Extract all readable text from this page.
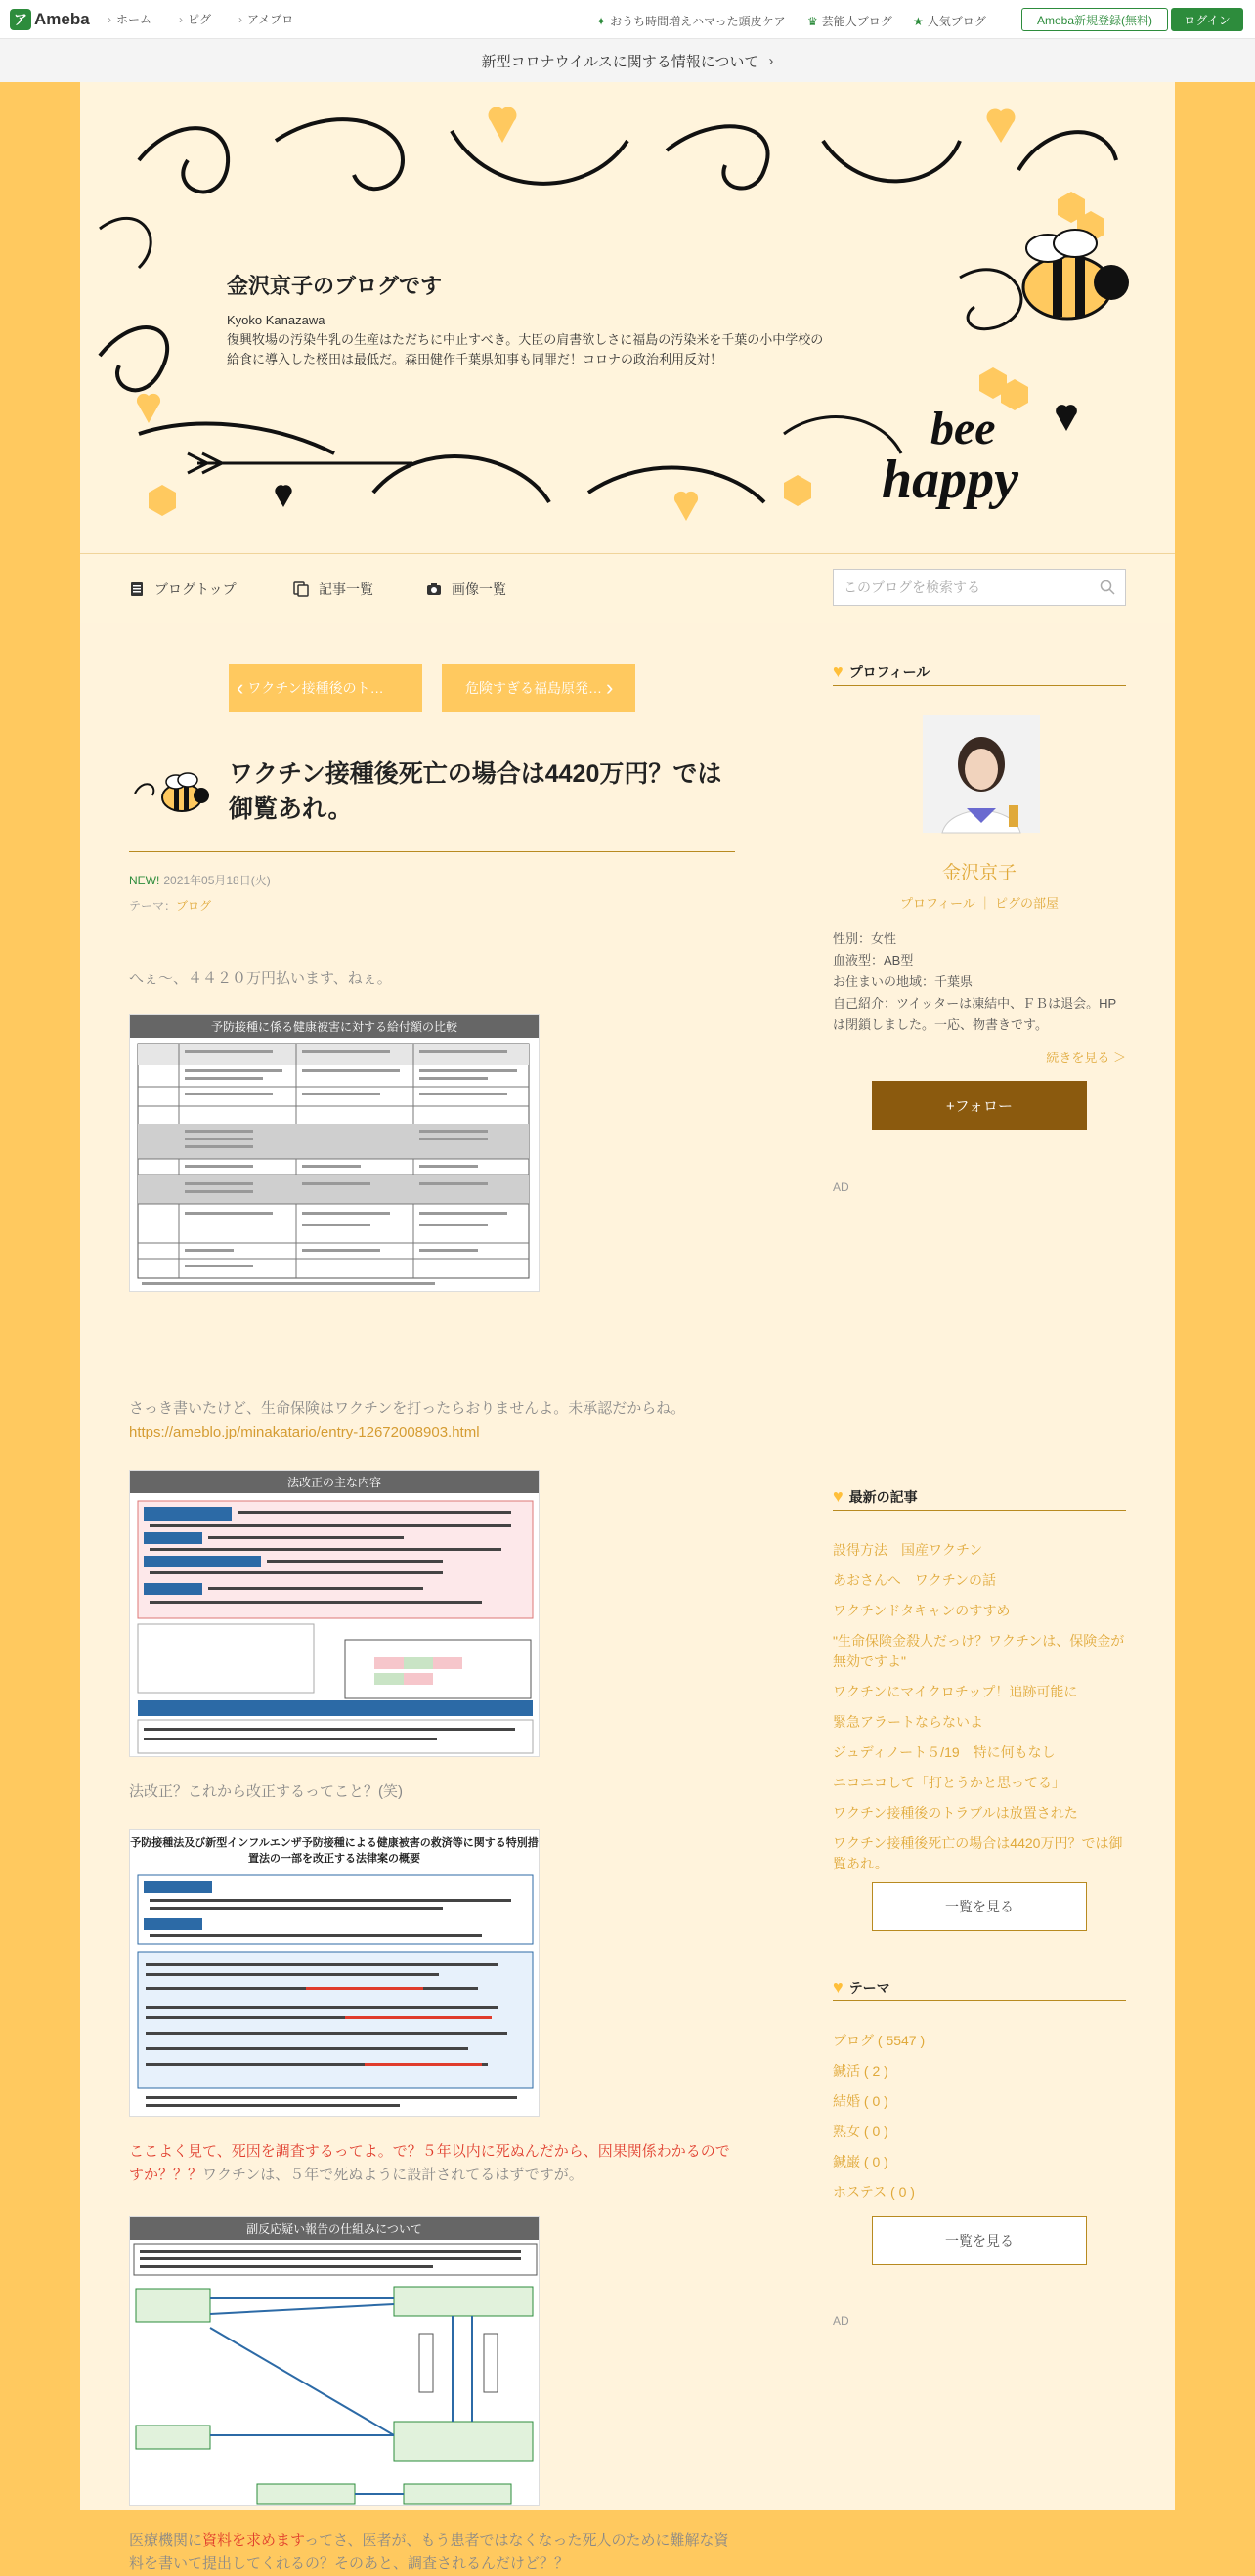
ア Ameba	› ホーム	› ピグ	› アメブロ	✦ おうち時間増えハマった頭皮ケア ♛ 芸能人ブログ ★ 人気ブログ	Ameba新規登録(無料)	ログイン
新型コロナウイルスに関する情報について ›
bee
happy
金沢京子のブログです
Kyoko Kanazawa
復興牧場の汚染牛乳の生産はただちに中止すべき。大臣の肩書欲しさに福島の汚染米を千葉の小中学校の給食に導入した桜田は最低だ。森田健作千葉県知事も同罪だ！コロナの政治利用反対！
ブログトップ	記事一覧	画像一覧	このブログを検索する
‹ ワクチン接種後のト…	危険すぎる福島原発… ›
ワクチン接種後死亡の場合は4420万円？では御覧あれ。
NEW! 2021年05月18日(火)
テーマ：ブログ
へぇ～、４４２０万円払います、ねぇ。
予防接種に係る健康被害に対する給付額の比較
さっき書いたけど、生命保険はワクチンを打ったらおりませんよ。未承認だからね。
https://ameblo.jp/minakatario/entry-12672008903.html
法改正の主な内容
法改正？これから改正するってこと？(笑)
予防接種法及び新型インフルエンザ予防接種による健康被害の救済等に関する特別措置法の一部を改正する法律案の概要
ここよく見て、死因を調査するってよ。で？５年以内に死ぬんだから、因果関係わかるのですか？？？ワクチンは、５年で死ぬように設計されてるはずですが。
副反応疑い報告の仕組みについて
医療機関に資料を求めますってさ、医者が、もう患者ではなくなった死人のために難解な資料を書いて提出してくれるの？そのあと、調査されるんだけど？？
♥ プロフィール
金沢京子
プロフィール ｜ ピグの部屋
性別：女性
血液型：AB型
お住まいの地域：千葉県
自己紹介：ツイッターは凍結中、ＦＢは退会。HPは閉鎖しました。一応、物書きです。
続きを見る ＞
+フォロー
AD
♥ 最新の記事
設得方法　国産ワクチン
あおさんへ　ワクチンの話
ワクチンドタキャンのすすめ
"生命保険金殺人だっけ？ワクチンは、保険金が無効ですよ"
ワクチンにマイクロチップ！追跡可能に
緊急アラートならないよ
ジュディノート５/19　特に何もなし
ニコニコして「打とうかと思ってる」
ワクチン接種後のトラブルは放置された
ワクチン接種後死亡の場合は4420万円？では御覧あれ。
一覧を見る
♥ テーマ
ブログ ( 5547 )
鍼活 ( 2 )
結婚 ( 0 )
熟女 ( 0 )
鍼巌 ( 0 )
ホステス ( 0 )
一覧を見る
AD
